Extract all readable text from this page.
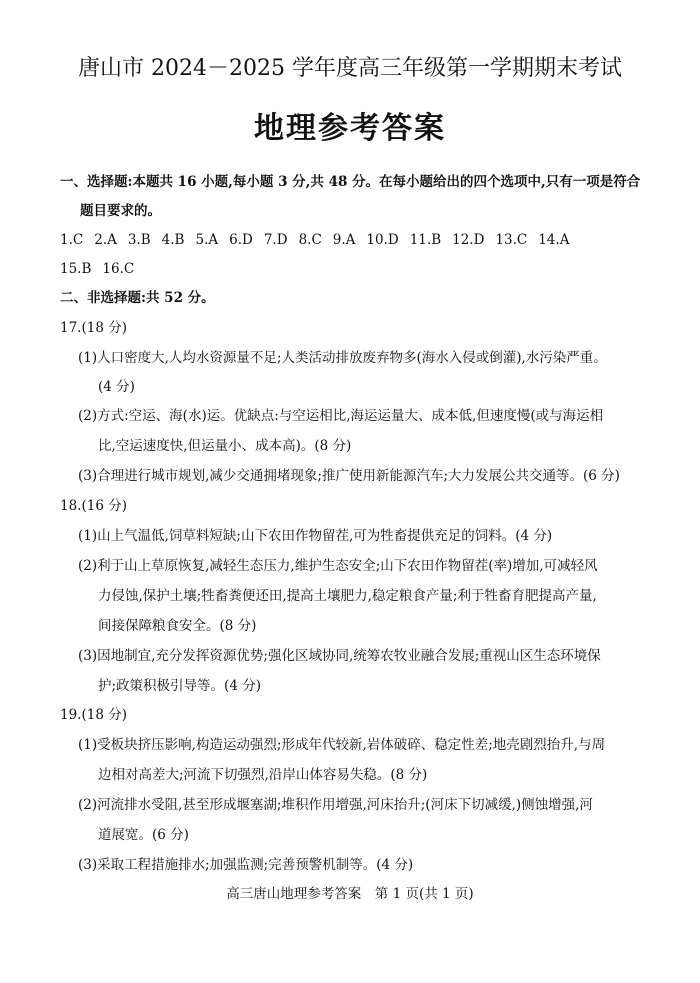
唐山市 2024－2025 学年度高三年级第一学期期末考试
地理参考答案
一、选择题:本题共 16 小题,每小题 3 分,共 48 分。在每小题给出的四个选项中,只有一项是符合
题目要求的。
1.C 2.A 3.B 4.B 5.A 6.D 7.D 8.C 9.A 10.D 11.B 12.D 13.C 14.A
15.B 16.C
二、非选择题:共 52 分。
17.(18 分)
(1)人口密度大,人均水资源量不足;人类活动排放废弃物多(海水入侵或倒灌),水污染严重。
(4 分)
(2)方式:空运、海(水)运。优缺点:与空运相比,海运运量大、成本低,但速度慢(或与海运相
比,空运速度快,但运量小、成本高)。(8 分)
(3)合理进行城市规划,减少交通拥堵现象;推广使用新能源汽车;大力发展公共交通等。(6 分)
18.(16 分)
(1)山上气温低,饲草料短缺;山下农田作物留茬,可为牲畜提供充足的饲料。(4 分)
(2)利于山上草原恢复,减轻生态压力,维护生态安全;山下农田作物留茬(率)增加,可减轻风
力侵蚀,保护土壤;牲畜粪便还田,提高土壤肥力,稳定粮食产量;利于牲畜育肥提高产量,
间接保障粮食安全。(8 分)
(3)因地制宜,充分发挥资源优势;强化区域协同,统筹农牧业融合发展;重视山区生态环境保
护;政策积极引导等。(4 分)
19.(18 分)
(1)受板块挤压影响,构造运动强烈;形成年代较新,岩体破碎、稳定性差;地壳剧烈抬升,与周
边相对高差大;河流下切强烈,沿岸山体容易失稳。(8 分)
(2)河流排水受阻,甚至形成堰塞湖;堆积作用增强,河床抬升;(河床下切减缓,)侧蚀增强,河
道展宽。(6 分)
(3)采取工程措施排水;加强监测;完善预警机制等。(4 分)
高三唐山地理参考答案　第 1 页(共 1 页)
